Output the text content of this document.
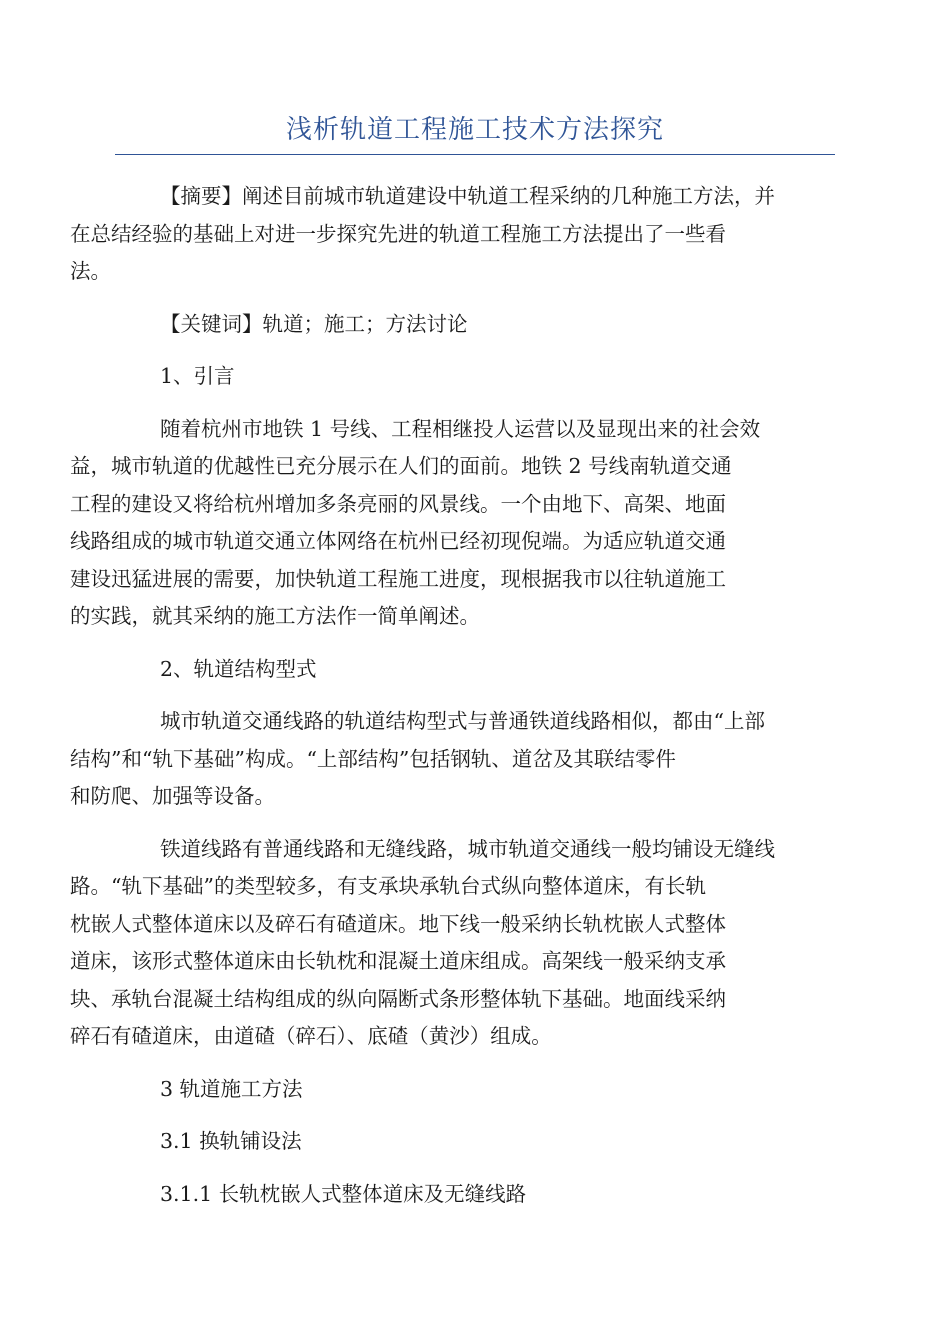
浅析轨道工程施工技术方法探究

【摘要】阐述目前城市轨道建设中轨道工程采纳的几种施工方法，并
在总结经验的基础上对进一步探究先进的轨道工程施工方法提出了一些看
法。

【关键词】轨道；施工；方法讨论

1、引言

随着杭州市地铁 1 号线、工程相继投人运营以及显现出来的社会效
益，城市轨道的优越性已充分展示在人们的面前。地铁 2 号线南轨道交通
工程的建设又将给杭州增加多条亮丽的风景线。一个由地下、高架、地面
线路组成的城市轨道交通立体网络在杭州已经初现倪端。为适应轨道交通
建设迅猛进展的需要，加快轨道工程施工进度，现根据我市以往轨道施工
的实践，就其采纳的施工方法作一简单阐述。

2、轨道结构型式

城市轨道交通线路的轨道结构型式与普通铁道线路相似，都由“上部
结构”和“轨下基础”构成。“上部结构”包括钢轨、道岔及其联结零件
和防爬、加强等设备。

铁道线路有普通线路和无缝线路，城市轨道交通线一般均铺设无缝线
路。“轨下基础”的类型较多，有支承块承轨台式纵向整体道床，有长轨
枕嵌人式整体道床以及碎石有碴道床。地下线一般采纳长轨枕嵌人式整体
道床，该形式整体道床由长轨枕和混凝土道床组成。高架线一般采纳支承
块、承轨台混凝土结构组成的纵向隔断式条形整体轨下基础。地面线采纳
碎石有碴道床，由道碴（碎石）、底碴（黄沙）组成。

3 轨道施工方法

3.1 换轨铺设法

3.1.1 长轨枕嵌人式整体道床及无缝线路
